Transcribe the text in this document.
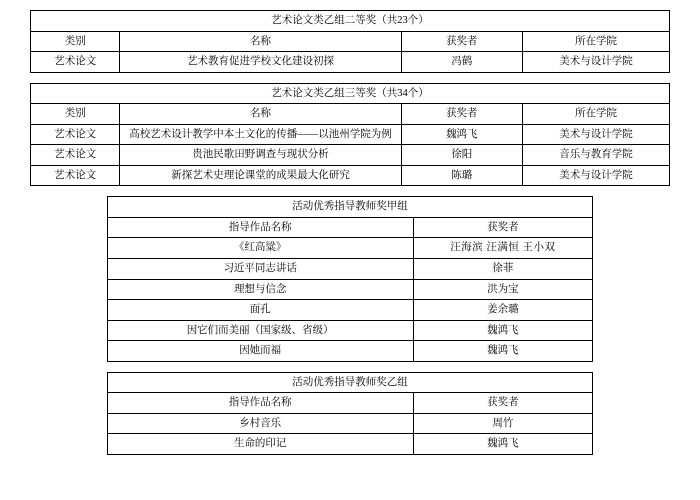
艺术论文类乙组二等奖（共23个）			
类别	名称	获奖者	所在学院
艺术论文	艺术教育促进学校文化建设初探	冯鹤	美术与设计学院
艺术论文类乙组三等奖（共34个）			
类别	名称	获奖者	所在学院
艺术论文	高校艺术设计教学中本土文化的传播——以池州学院为例	魏鸿飞	美术与设计学院
艺术论文	贵池民歌田野调查与现状分析	徐阳	音乐与教育学院
艺术论文	新探艺术史理论课堂的成果最大化研究	陈璐	美术与设计学院
活动优秀指导教师奖甲组	
指导作品名称	获奖者
《红高粱》	汪海滨 汪满恒 王小双
习近平同志讲话	徐菲
理想与信念	洪为宝
面孔	姜余璐
因它们而美丽（国家级、省级）	魏鸿飞
因她而福	魏鸿飞
活动优秀指导教师奖乙组	
指导作品名称	获奖者
乡村音乐	周竹
生命的印记	魏鸿飞
